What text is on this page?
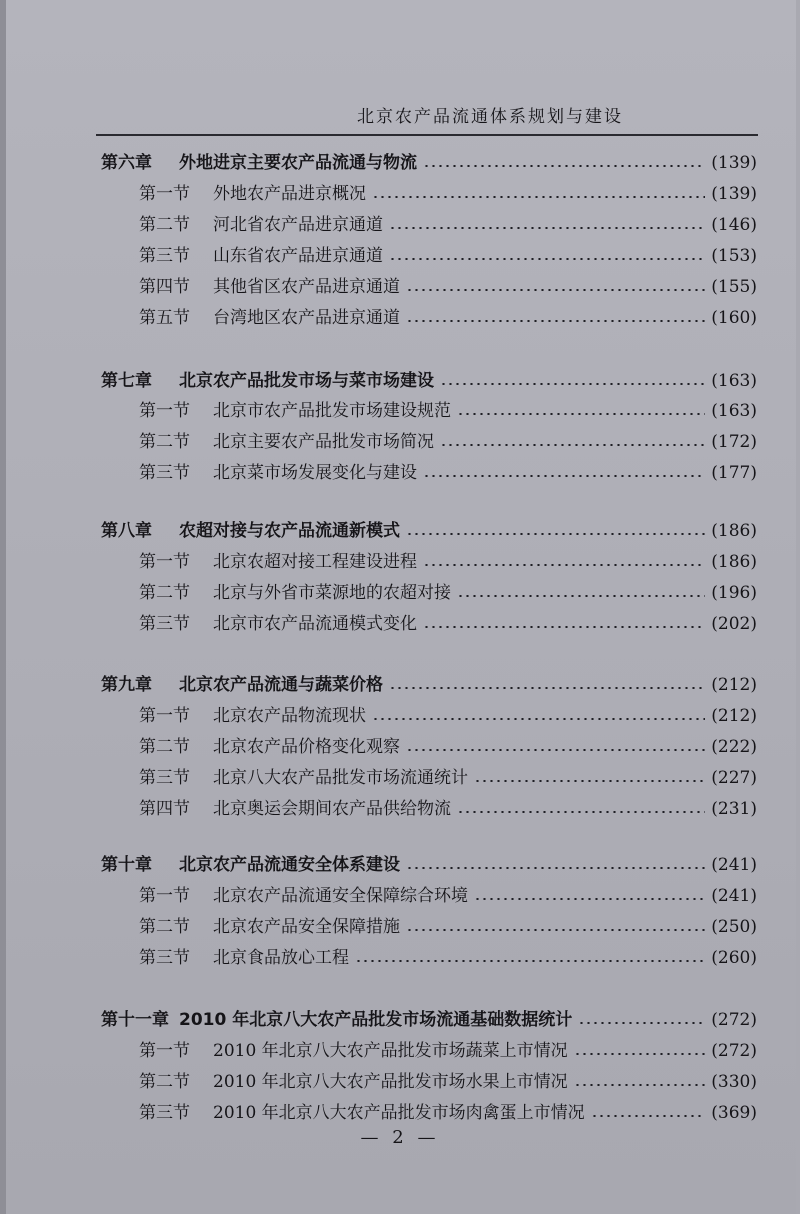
北京农产品流通体系规划与建设
第六章 外地进京主要农产品流通与物流	(139)
第一节 外地农产品进京概况	(139)
第二节 河北省农产品进京通道	(146)
第三节 山东省农产品进京通道	(153)
第四节 其他省区农产品进京通道	(155)
第五节 台湾地区农产品进京通道	(160)
第七章 北京农产品批发市场与菜市场建设	(163)
第一节 北京市农产品批发市场建设规范	(163)
第二节 北京主要农产品批发市场简况	(172)
第三节 北京菜市场发展变化与建设	(177)
第八章 农超对接与农产品流通新模式	(186)
第一节 北京农超对接工程建设进程	(186)
第二节 北京与外省市菜源地的农超对接	(196)
第三节 北京市农产品流通模式变化	(202)
第九章 北京农产品流通与蔬菜价格	(212)
第一节 北京农产品物流现状	(212)
第二节 北京农产品价格变化观察	(222)
第三节 北京八大农产品批发市场流通统计	(227)
第四节 北京奥运会期间农产品供给物流	(231)
第十章 北京农产品流通安全体系建设	(241)
第一节 北京农产品流通安全保障综合环境	(241)
第二节 北京农产品安全保障措施	(250)
第三节 北京食品放心工程	(260)
第十一章 2010 年北京八大农产品批发市场流通基础数据统计	(272)
第一节 2010 年北京八大农产品批发市场蔬菜上市情况	(272)
第二节 2010 年北京八大农产品批发市场水果上市情况	(330)
第三节 2010 年北京八大农产品批发市场肉禽蛋上市情况	(369)
— 2 —
